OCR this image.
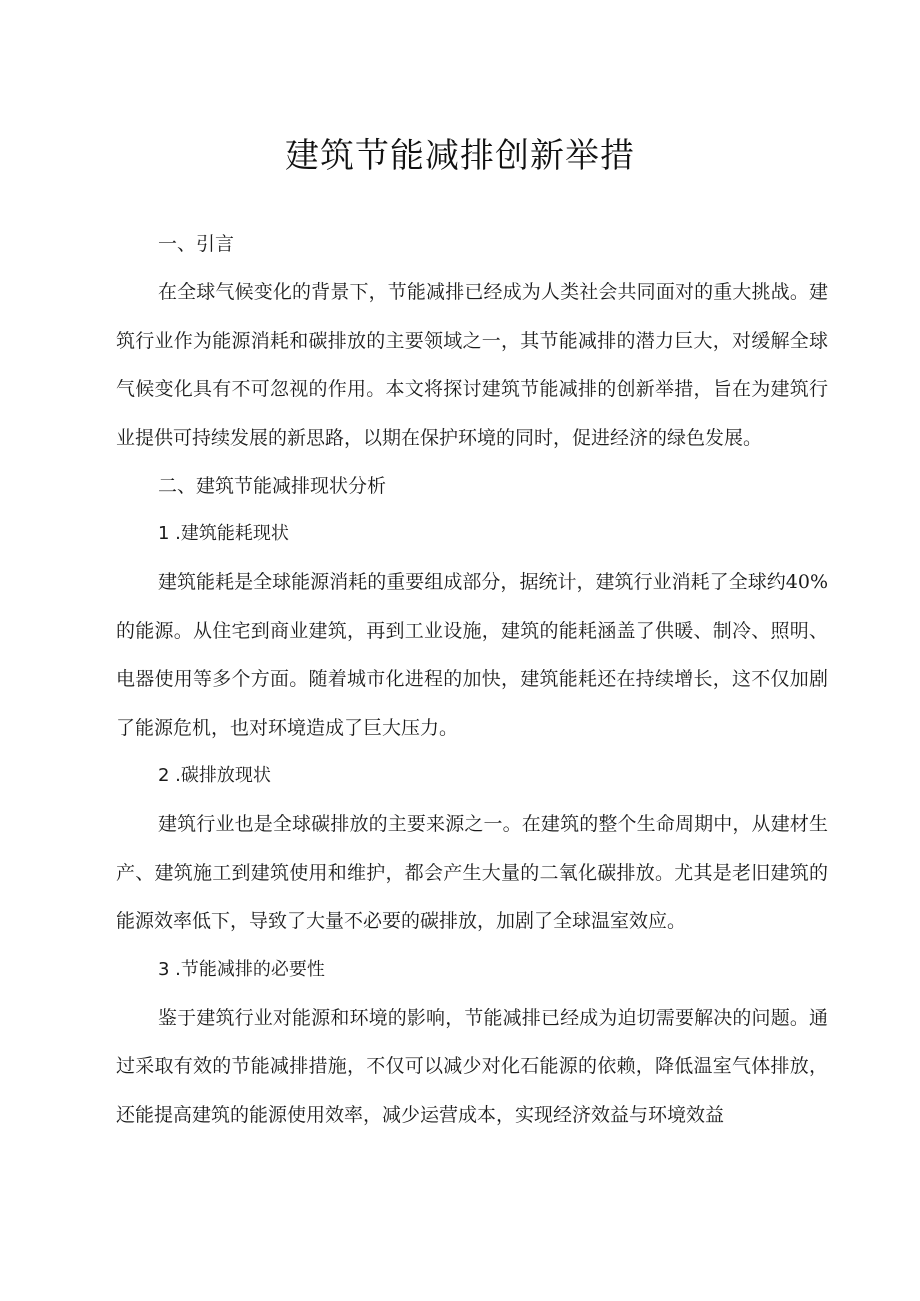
建筑节能减排创新举措

一、引言

在全球气候变化的背景下，节能减排已经成为人类社会共同面对的重大挑战。建筑行业作为能源消耗和碳排放的主要领域之一，其节能减排的潜力巨大，对缓解全球气候变化具有不可忽视的作用。本文将探讨建筑节能减排的创新举措，旨在为建筑行业提供可持续发展的新思路，以期在保护环境的同时，促进经济的绿色发展。

二、建筑节能减排现状分析

1 .建筑能耗现状

建筑能耗是全球能源消耗的重要组成部分，据统计，建筑行业消耗了全球约40%的能源。从住宅到商业建筑，再到工业设施，建筑的能耗涵盖了供暖、制冷、照明、电器使用等多个方面。随着城市化进程的加快，建筑能耗还在持续增长，这不仅加剧了能源危机，也对环境造成了巨大压力。

2 .碳排放现状

建筑行业也是全球碳排放的主要来源之一。在建筑的整个生命周期中，从建材生产、建筑施工到建筑使用和维护，都会产生大量的二氧化碳排放。尤其是老旧建筑的能源效率低下，导致了大量不必要的碳排放，加剧了全球温室效应。

3 .节能减排的必要性

鉴于建筑行业对能源和环境的影响，节能减排已经成为迫切需要解决的问题。通过采取有效的节能减排措施，不仅可以减少对化石能源的依赖，降低温室气体排放，还能提高建筑的能源使用效率，减少运营成本，实现经济效益与环境效益
